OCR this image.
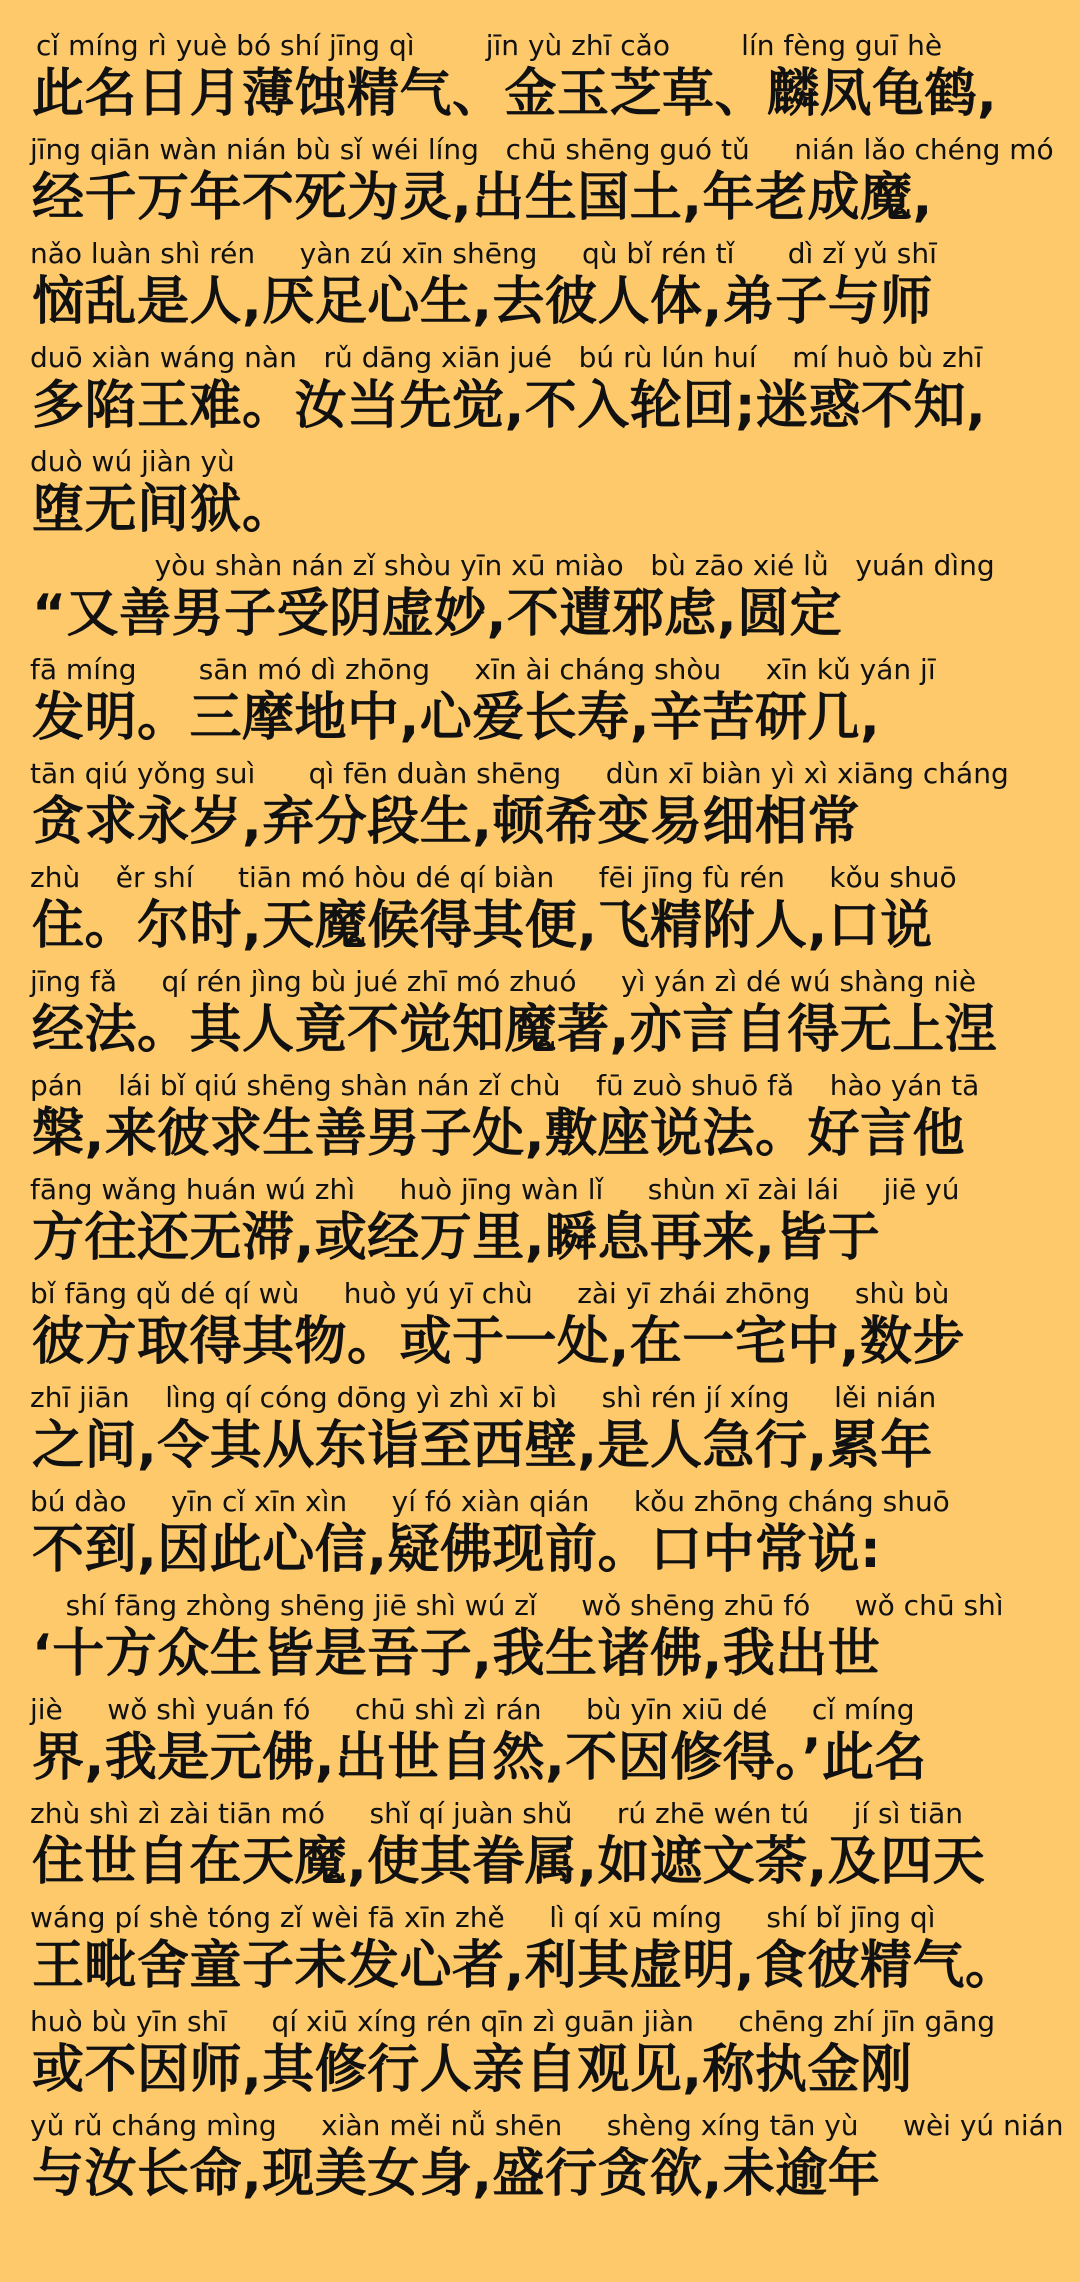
cǐ míng rì yuè bó shí jīng qì        jīn yù zhī cǎo        lín fèng guī hè
此名日月薄蚀精气、金玉芝草、麟凤龟鹤,
jīng qiān wàn nián bù sǐ wéi líng   chū shēng guó tǔ     nián lǎo chéng mó
经千万年不死为灵,出生国土,年老成魔,
nǎo luàn shì rén     yàn zú xīn shēng     qù bǐ rén tǐ      dì zǐ yǔ shī
恼乱是人,厌足心生,去彼人体,弟子与师
duō xiàn wáng nàn   rǔ dāng xiān jué   bú rù lún huí    mí huò bù zhī
多陷王难。汝当先觉,不入轮回;迷惑不知,
duò wú jiàn yù
堕无间狱。
yòu shàn nán zǐ shòu yīn xū miào   bù zāo xié lǜ   yuán dìng
“又善男子受阴虚妙,不遭邪虑,圆定
fā míng       sān mó dì zhōng     xīn ài cháng shòu     xīn kǔ yán jī
发明。三摩地中,心爱长寿,辛苦研几,
tān qiú yǒng suì      qì fēn duàn shēng     dùn xī biàn yì xì xiāng cháng
贪求永岁,弃分段生,顿希变易细相常
zhù    ěr shí     tiān mó hòu dé qí biàn     fēi jīng fù rén     kǒu shuō
住。尔时,天魔候得其便,飞精附人,口说
jīng fǎ     qí rén jìng bù jué zhī mó zhuó     yì yán zì dé wú shàng niè
经法。其人竟不觉知魔著,亦言自得无上涅
pán    lái bǐ qiú shēng shàn nán zǐ chù    fū zuò shuō fǎ    hào yán tā
槃,来彼求生善男子处,敷座说法。好言他
fāng wǎng huán wú zhì     huò jīng wàn lǐ     shùn xī zài lái     jiē yú
方往还无滞,或经万里,瞬息再来,皆于
bǐ fāng qǔ dé qí wù     huò yú yī chù     zài yī zhái zhōng     shù bù
彼方取得其物。或于一处,在一宅中,数步
zhī jiān    lìng qí cóng dōng yì zhì xī bì     shì rén jí xíng     lěi nián
之间,令其从东诣至西壁,是人急行,累年
bú dào     yīn cǐ xīn xìn     yí fó xiàn qián     kǒu zhōng cháng shuō
不到,因此心信,疑佛现前。口中常说:
shí fāng zhòng shēng jiē shì wú zǐ     wǒ shēng zhū fó     wǒ chū shì
‘十方众生皆是吾子,我生诸佛,我出世
jiè     wǒ shì yuán fó     chū shì zì rán     bù yīn xiū dé     cǐ míng
界,我是元佛,出世自然,不因修得。’此名
zhù shì zì zài tiān mó     shǐ qí juàn shǔ     rú zhē wén tú     jí sì tiān
住世自在天魔,使其眷属,如遮文荼,及四天
wáng pí shè tóng zǐ wèi fā xīn zhě     lì qí xū míng     shí bǐ jīng qì
王毗舍童子未发心者,利其虚明,食彼精气。
huò bù yīn shī     qí xiū xíng rén qīn zì guān jiàn     chēng zhí jīn gāng
或不因师,其修行人亲自观见,称执金刚
yǔ rǔ cháng mìng     xiàn měi nǚ shēn     shèng xíng tān yù     wèi yú nián
与汝长命,现美女身,盛行贪欲,未逾年
